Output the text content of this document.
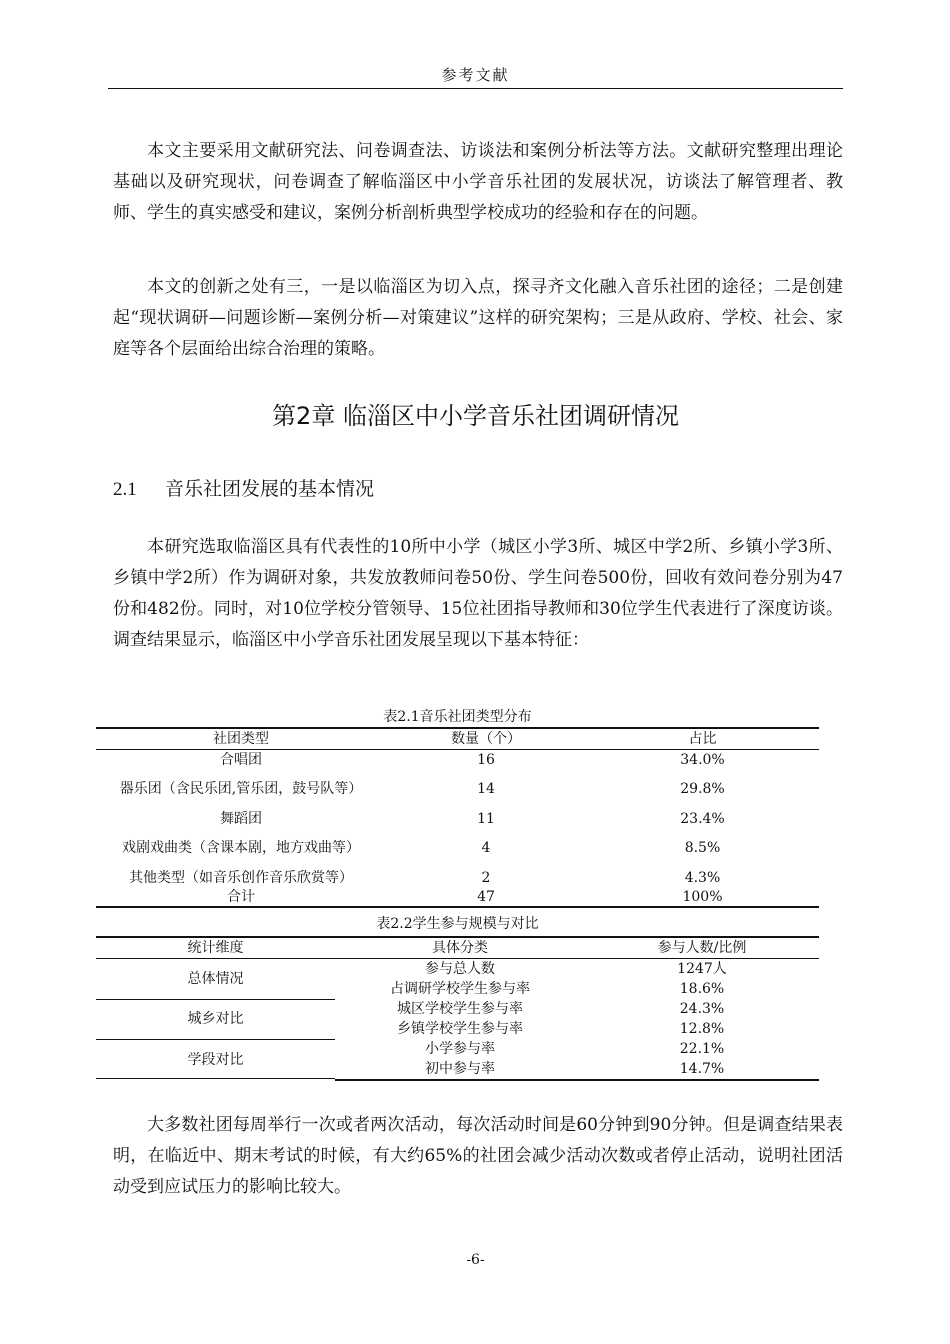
参考文献

本文主要采用文献研究法、问卷调查法、访谈法和案例分析法等方法。文献研究整理出理论基础以及研究现状，问卷调查了解临淄区中小学音乐社团的发展状况，访谈法了解管理者、教师、学生的真实感受和建议，案例分析剖析典型学校成功的经验和存在的问题。

本文的创新之处有三，一是以临淄区为切入点，探寻齐文化融入音乐社团的途径；二是创建起“现状调研—问题诊断—案例分析—对策建议”这样的研究架构；三是从政府、学校、社会、家庭等各个层面给出综合治理的策略。

第2章 临淄区中小学音乐社团调研情况
2.1 音乐社团发展的基本情况

本研究选取临淄区具有代表性的10所中小学（城区小学3所、城区中学2所、乡镇小学3所、乡镇中学2所）作为调研对象，共发放教师问卷50份、学生问卷500份，回收有效问卷分别为47份和482份。同时，对10位学校分管领导、15位社团指导教师和30位学生代表进行了深度访谈。调查结果显示，临淄区中小学音乐社团发展呈现以下基本特征：

表2.1音乐社团类型分布
社团类型	数量（个）	占比
合唱团	16	34.0%
器乐团（含民乐团,管乐团，鼓号队等）	14	29.8%
舞蹈团	11	23.4%
戏剧戏曲类（含课本剧，地方戏曲等）	4	8.5%
其他类型（如音乐创作音乐欣赏等）	2	4.3%
合计	47	100%
表2.2学生参与规模与对比
统计维度	具体分类	参与人数/比例
总体情况	参与总人数	1247人
	占调研学校学生参与率	18.6%
城乡对比	城区学校学生参与率	24.3%
	乡镇学校学生参与率	12.8%
学段对比	小学参与率	22.1%
	初中参与率	14.7%

大多数社团每周举行一次或者两次活动，每次活动时间是60分钟到90分钟。但是调查结果表明，在临近中、期末考试的时候，有大约65%的社团会减少活动次数或者停止活动，说明社团活动受到应试压力的影响比较大。

-6-
